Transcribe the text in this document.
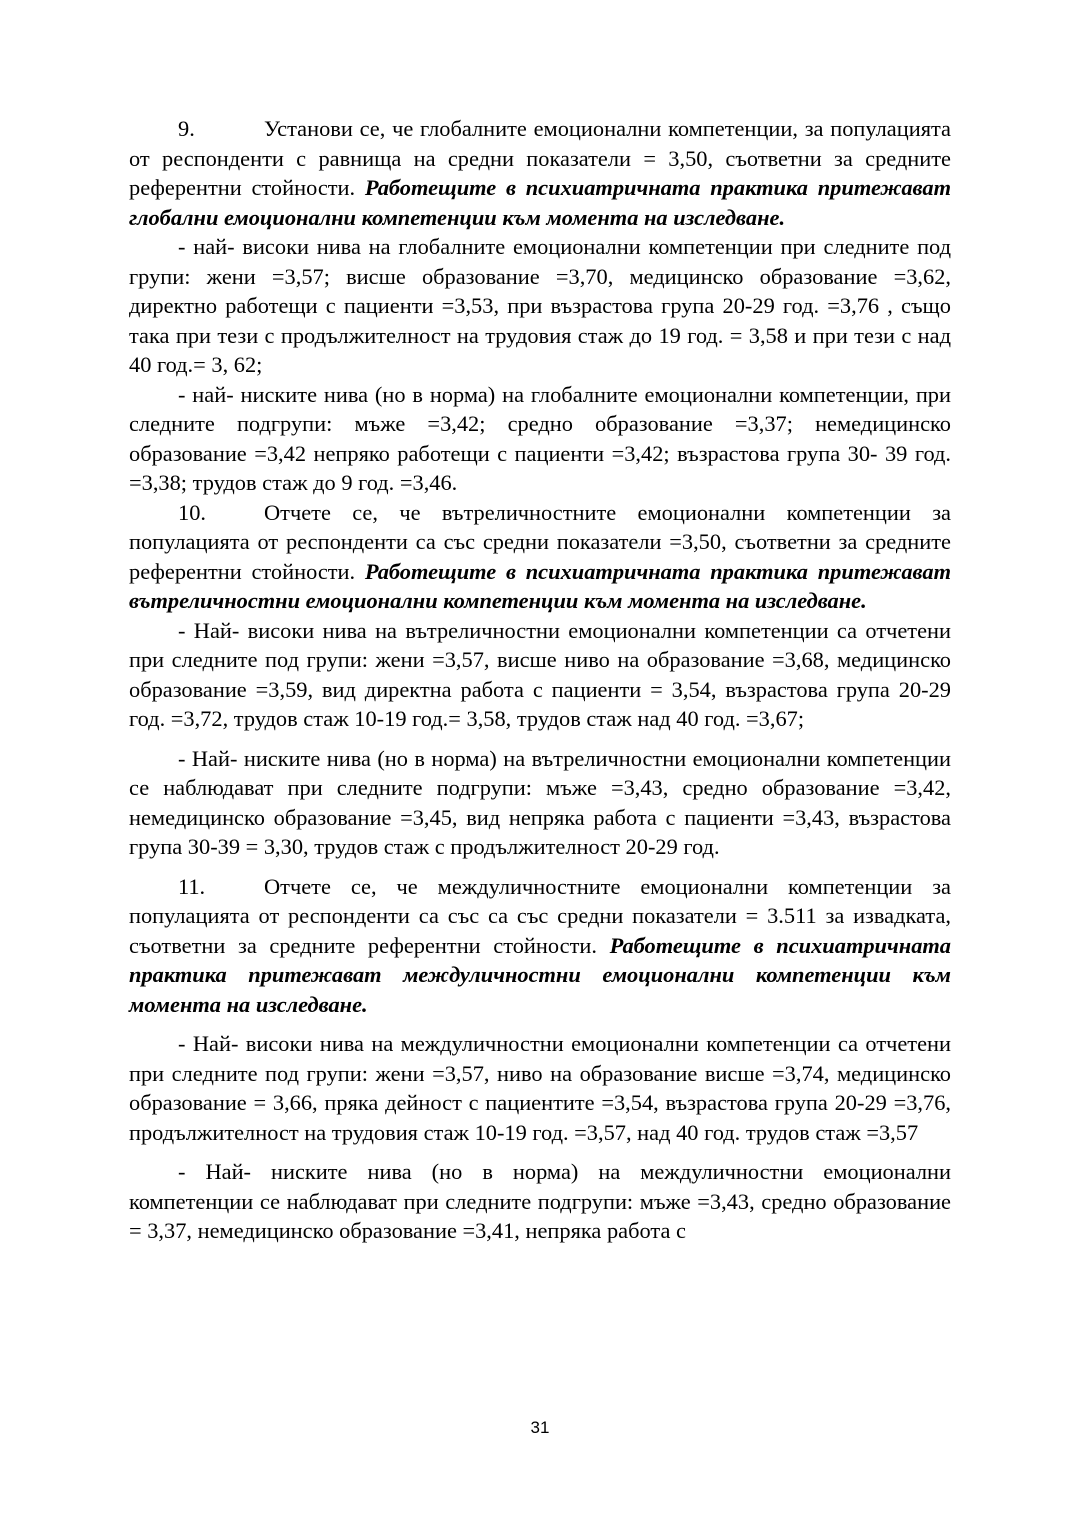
9.	Установи се, че глобалните емоционални компетенции, за популацията от респонденти с равнища на средни показатели = 3,50, съответни за средните референтни стойности. Работещите в психиатричната практика притежават глобални емоционални компетенции към момента на изследване.

- най- високи нива на глобалните емоционални компетенции при следните под групи: жени =3,57; висше образование =3,70, медицинско образование =3,62, директно работещи с пациенти =3,53, при възрастова група 20-29 год. =3,76 , също така при тези с продължителност на трудовия стаж до 19 год. = 3,58 и при тези с над 40 год.= 3, 62;

- най- ниските нива (но в норма) на глобалните емоционални компетенции, при следните подгрупи: мъже =3,42; средно образование =3,37; немедицинско образование =3,42 непряко работещи с пациенти =3,42; възрастова група 30- 39 год. =3,38; трудов стаж до 9 год. =3,46.

10.	Отчете се, че вътреличностните емоционални компетенции за популацията от респонденти са със средни показатели =3,50, съответни за средните референтни стойности. Работещите в психиатричната практика притежават вътреличностни емоционални компетенции към момента на изследване.

- Най- високи нива на вътреличностни емоционални компетенции са отчетени при следните под групи: жени =3,57, висше ниво на образование =3,68, медицинско образование =3,59, вид директна работа с пациенти = 3,54, възрастова група 20-29 год. =3,72, трудов стаж 10-19 год.= 3,58, трудов стаж над 40 год. =3,67;

- Най- ниските нива (но в норма) на вътреличностни емоционални компетенции се наблюдават при следните подгрупи: мъже =3,43, средно образование =3,42, немедицинско образование =3,45, вид непряка работа с пациенти =3,43, възрастова група 30-39 = 3,30, трудов стаж с продължителност 20-29 год.

11.	Отчете се, че междуличностните емоционални компетенции за популацията от респонденти са със са със средни показатели = 3.511 за извадката, съответни за средните референтни стойности. Работещите в психиатричната практика притежават междуличностни емоционални компетенции към момента на изследване.

- Най- високи нива на междуличностни емоционални компетенции са отчетени при следните под групи: жени =3,57, ниво на образование висше =3,74, медицинско образование = 3,66, пряка дейност с пациентите =3,54, възрастова група 20-29 =3,76, продължителност на трудовия стаж 10-19 год. =3,57, над 40 год. трудов стаж =3,57

- Най- ниските нива (но в норма) на междуличностни емоционални компетенции се наблюдават при следните подгрупи: мъже =3,43, средно образование = 3,37, немедицинско образование =3,41, непряка работа с

31
